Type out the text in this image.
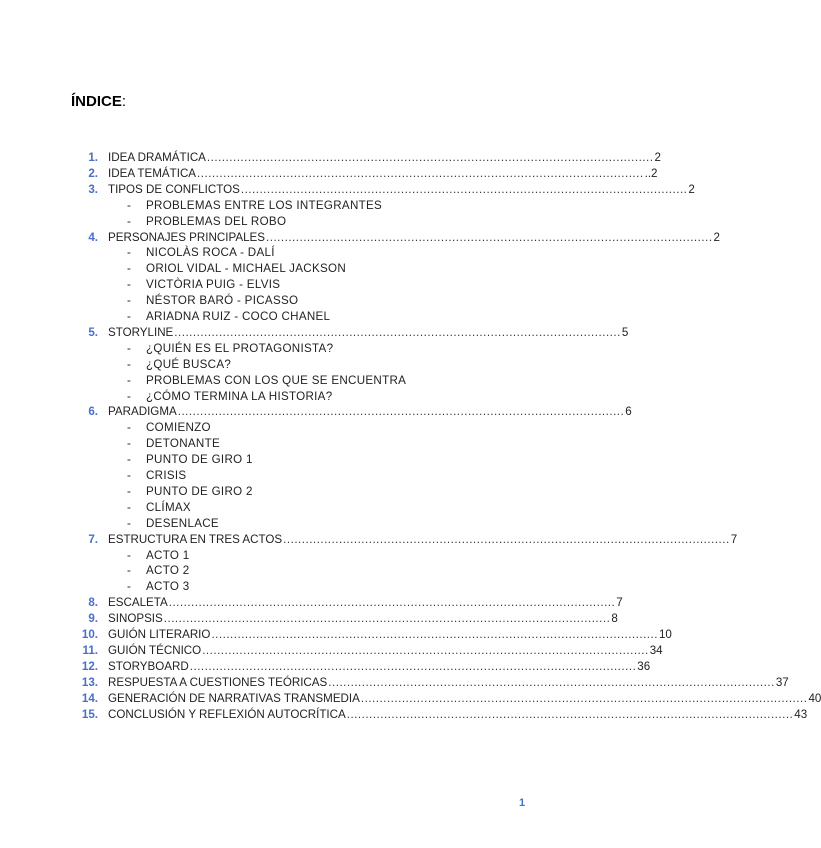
ÍNDICE:
1. IDEA DRAMÁTICA ........................................................................................................................ 2
2. IDEA TEMÁTICA ........................................................................................................................ ..2
3. TIPOS DE CONFLICTOS ........................................................................................................................ 2
- PROBLEMAS ENTRE LOS INTEGRANTES
- PROBLEMAS DEL ROBO
4. PERSONAJES PRINCIPALES ........................................................................................................................ 2
- NICOLÀS ROCA - DALÍ
- ORIOL VIDAL - MICHAEL JACKSON
- VICTÒRIA PUIG - ELVIS
- NÉSTOR BARÓ - PICASSO
- ARIADNA RUIZ - COCO CHANEL
5. STORYLINE ........................................................................................................................ 5
- ¿QUIÉN ES EL PROTAGONISTA?
- ¿QUÉ BUSCA?
- PROBLEMAS CON LOS QUE SE ENCUENTRA
- ¿CÓMO TERMINA LA HISTORIA?
6. PARADIGMA ........................................................................................................................ 6
- COMIENZO
- DETONANTE
- PUNTO DE GIRO 1
- CRISIS
- PUNTO DE GIRO 2
- CLÍMAX
- DESENLACE
7. ESTRUCTURA EN TRES ACTOS ........................................................................................................................ 7
- ACTO 1
- ACTO 2
- ACTO 3
8. ESCALETA ........................................................................................................................ 7
9. SINOPSIS ........................................................................................................................ 8
10. GUIÓN LITERARIO ........................................................................................................................ 10
11. GUIÓN TÉCNICO ........................................................................................................................ 34
12. STORYBOARD ........................................................................................................................ 36
13. RESPUESTA A CUESTIONES TEÓRICAS ........................................................................................................................ 37
14. GENERACIÓN DE NARRATIVAS TRANSMEDIA ........................................................................................................................ 40
15. CONCLUSIÓN Y REFLEXIÓN AUTOCRÍTICA ........................................................................................................................ 43
1
